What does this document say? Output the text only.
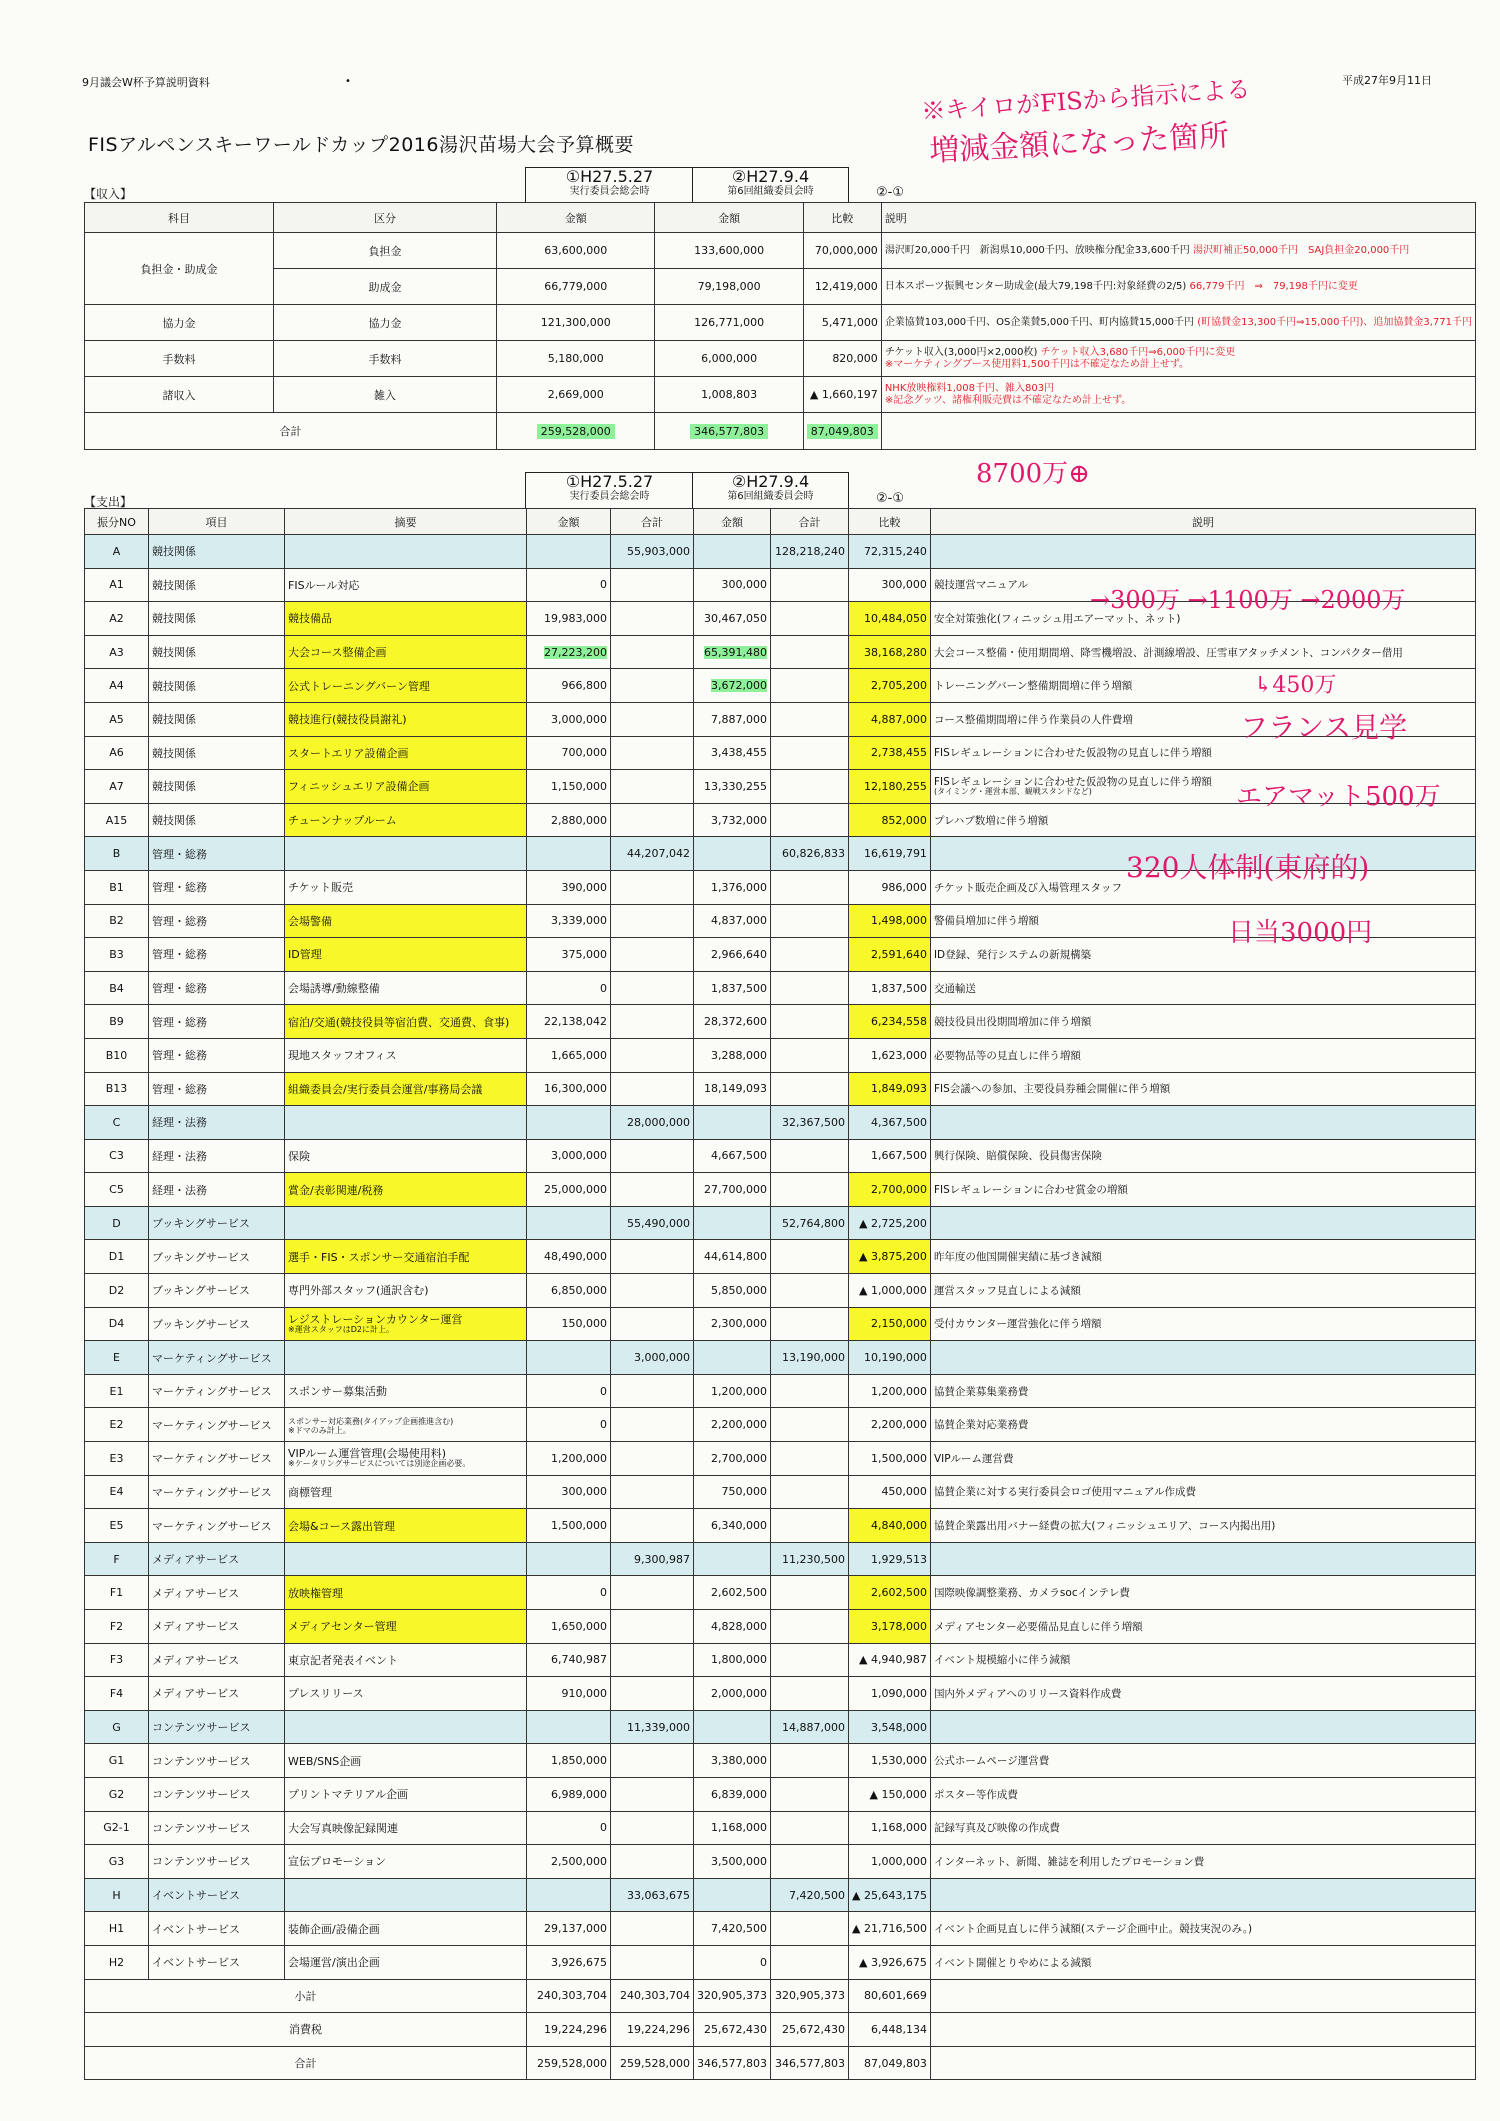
9月議会W杯予算説明資料	•	平成27年9月11日
FISアルペンスキーワールドカップ2016湯沢苗場大会予算概要
※キイロがFISから指示による
増減金額になった箇所
【収入】
①H27.5.27
実行委員会総会時
②H27.9.4
第6回組織委員会時	②-①
科目	区分	金額	金額	比較	説明
負担金・助成金	負担金	63,600,000	133,600,000	70,000,000	湯沢町20,000千円　新潟県10,000千円、放映権分配金33,600千円 湯沢町補正50,000千円　SAJ負担金20,000千円
	助成金	66,779,000	79,198,000	12,419,000	日本スポーツ振興センター助成金(最大79,198千円:対象経費の2/5) 66,779千円　⇒　79,198千円に変更
協力金	協力金	121,300,000	126,771,000	5,471,000	企業協賛103,000千円、OS企業賛5,000千円、町内協賛15,000千円 (町協賛金13,300千円⇒15,000千円)、追加協賛金3,771千円
手数料	手数料	5,180,000	6,000,000	820,000	チケット収入(3,000円×2,000枚) チケット収入3,680千円⇒6,000千円に変更
※マーケティングブース使用料1,500千円は不確定なため計上せず。
諸収入	雑入	2,669,000	1,008,803	▲ 1,660,197	NHK放映権料1,008千円、雑入803円
※記念グッツ、諸権利販売費は不確定なため計上せず。
合計		259,528,000	346,577,803	87,049,803	
8700万⊕
【支出】
①H27.5.27
実行委員会総会時
②H27.9.4
第6回組織委員会時	②-①
振分NO	項目	摘要	金額	合計	金額	合計	比較	説明
A	競技関係			55,903,000		128,218,240	72,315,240	
A1	競技関係	FISルール対応	0		300,000		300,000	競技運営マニュアル
A2	競技関係	競技備品	19,983,000		30,467,050		10,484,050	安全対策強化(フィニッシュ用エアーマット、ネット)
A3	競技関係	大会コース整備企画	27,223,200		65,391,480		38,168,280	大会コース整備・使用期間増、降雪機増設、計測線増設、圧雪車アタッチメント、コンパクター借用
A4	競技関係	公式トレーニングバーン管理	966,800		3,672,000		2,705,200	トレーニングバーン整備期間増に伴う増額
A5	競技関係	競技進行(競技役員謝礼)	3,000,000		7,887,000		4,887,000	コース整備期間増に伴う作業員の人件費増
A6	競技関係	スタートエリア設備企画	700,000		3,438,455		2,738,455	FISレギュレーションに合わせた仮設物の見直しに伴う増額
A7	競技関係	フィニッシュエリア設備企画	1,150,000		13,330,255		12,180,255	FISレギュレーションに合わせた仮設物の見直しに伴う増額
(タイミング・運営本部、観戦スタンドなど)

A15	競技関係	チューンナップルーム	2,880,000		3,732,000		852,000	プレハブ数増に伴う増額
B	管理・総務			44,207,042		60,826,833	16,619,791	
B1	管理・総務	チケット販売	390,000		1,376,000		986,000	チケット販売企画及び入場管理スタッフ
B2	管理・総務	会場警備	3,339,000		4,837,000		1,498,000	警備員増加に伴う増額
B3	管理・総務	ID管理	375,000		2,966,640		2,591,640	ID登録、発行システムの新規構築
B4	管理・総務	会場誘導/動線整備	0		1,837,500		1,837,500	交通輸送
B9	管理・総務	宿泊/交通(競技役員等宿泊費、交通費、食事)	22,138,042		28,372,600		6,234,558	競技役員出役期間増加に伴う増額
B10	管理・総務	現地スタッフオフィス	1,665,000		3,288,000		1,623,000	必要物品等の見直しに伴う増額
B13	管理・総務	組織委員会/実行委員会運営/事務局会議	16,300,000		18,149,093		1,849,093	FIS会議への参加、主要役員券種会開催に伴う増額
C	経理・法務			28,000,000		32,367,500	4,367,500	
C3	経理・法務	保険	3,000,000		4,667,500		1,667,500	興行保険、賠償保険、役員傷害保険
C5	経理・法務	賞金/表彰関連/税務	25,000,000		27,700,000		2,700,000	FISレギュレーションに合わせ賞金の増額
D	ブッキングサービス			55,490,000		52,764,800	▲ 2,725,200	
D1	ブッキングサービス	選手・FIS・スポンサー交通宿泊手配	48,490,000		44,614,800		▲ 3,875,200	昨年度の他国開催実績に基づき減額
D2	ブッキングサービス	専門外部スタッフ(通訳含む)	6,850,000		5,850,000		▲ 1,000,000	運営スタッフ見直しによる減額
D4	ブッキングサービス	レジストレーションカウンター運営
※運営スタッフはD2に計上。	150,000		2,300,000		2,150,000	受付カウンター運営強化に伴う増額
E	マーケティングサービス			3,000,000		13,190,000	10,190,000	
E1	マーケティングサービス	スポンサー募集活動	0		1,200,000		1,200,000	協賛企業募集業務費
E2	マーケティングサービス	スポンサー対応業務(タイアップ企画推進含む)
※ドマのみ計上。	0		2,200,000		2,200,000	協賛企業対応業務費
E3	マーケティングサービス	VIPルーム運営管理(会場使用料)
※ケータリングサービスについては別途企画必要。	1,200,000		2,700,000		1,500,000	VIPルーム運営費
E4	マーケティングサービス	商標管理	300,000		750,000		450,000	協賛企業に対する実行委員会ロゴ使用マニュアル作成費
E5	マーケティングサービス	会場&コース露出管理	1,500,000		6,340,000		4,840,000	協賛企業露出用バナー経費の拡大(フィニッシュエリア、コース内掲出用)
F	メディアサービス			9,300,987		11,230,500	1,929,513	
F1	メディアサービス	放映権管理	0		2,602,500		2,602,500	国際映像調整業務、カメラsocインテレ費
F2	メディアサービス	メディアセンター管理	1,650,000		4,828,000		3,178,000	メディアセンター必要備品見直しに伴う増額
F3	メディアサービス	東京記者発表イベント	6,740,987		1,800,000		▲ 4,940,987	イベント規模縮小に伴う減額
F4	メディアサービス	プレスリリース	910,000		2,000,000		1,090,000	国内外メディアへのリリース資料作成費
G	コンテンツサービス			11,339,000		14,887,000	3,548,000	
G1	コンテンツサービス	WEB/SNS企画	1,850,000		3,380,000		1,530,000	公式ホームページ運営費
G2	コンテンツサービス	プリントマテリアル企画	6,989,000		6,839,000		▲ 150,000	ポスター等作成費
G2-1	コンテンツサービス	大会写真映像記録関連	0		1,168,000		1,168,000	記録写真及び映像の作成費
G3	コンテンツサービス	宣伝プロモーション	2,500,000		3,500,000		1,000,000	インターネット、新聞、雑誌を利用したプロモーション費
H	イベントサービス			33,063,675		7,420,500	▲ 25,643,175	
H1	イベントサービス	装飾企画/設備企画	29,137,000		7,420,500		▲ 21,716,500	イベント企画見直しに伴う減額(ステージ企画中止。競技実況のみ。)
H2	イベントサービス	会場運営/演出企画	3,926,675		0		▲ 3,926,675	イベント開催とりやめによる減額
小計			240,303,704	240,303,704	320,905,373	320,905,373	80,601,669	
消費税			19,224,296	19,224,296	25,672,430	25,672,430	6,448,134	
合計			259,528,000	259,528,000	346,577,803	346,577,803	87,049,803	
→300万 →1100万 →2000万
↳450万
フランス見学
エアマット500万
320人体制(東府的)
日当3000円
